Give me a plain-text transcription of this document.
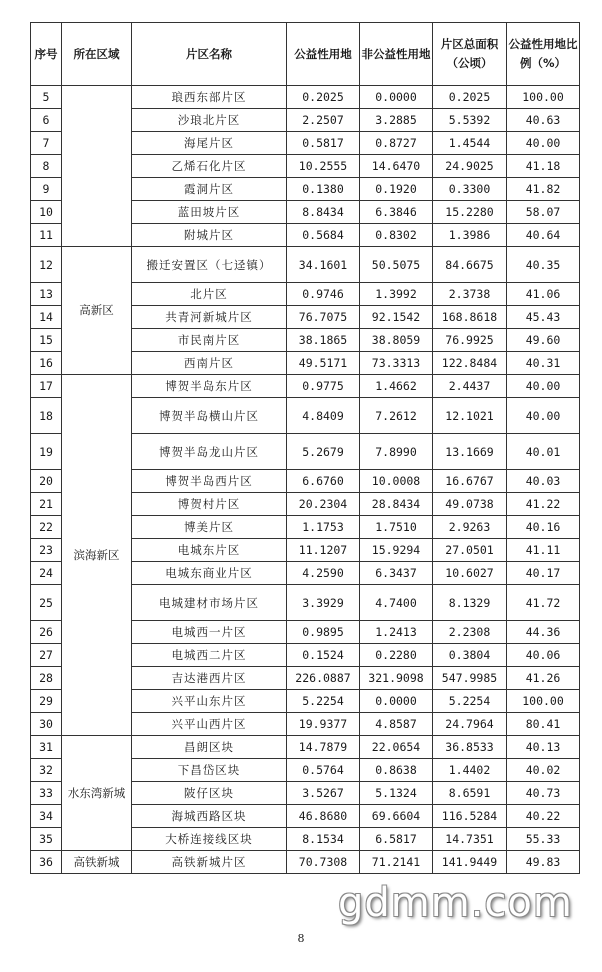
序号	所在区域	片区名称	公益性用地	非公益性用地	片区总面积（公顷）	公益性用地比例（%）
5		琅西东部片区	0.2025	0.0000	0.2025	100.00
6		沙琅北片区	2.2507	3.2885	5.5392	40.63
7		海尾片区	0.5817	0.8727	1.4544	40.00
8		乙烯石化片区	10.2555	14.6470	24.9025	41.18
9		霞洞片区	0.1380	0.1920	0.3300	41.82
10		蓝田坡片区	8.8434	6.3846	15.2280	58.07
11		附城片区	0.5684	0.8302	1.3986	40.64
12	高新区	搬迁安置区（七迳镇）	34.1601	50.5075	84.6675	40.35
13		北片区	0.9746	1.3992	2.3738	41.06
14		共青河新城片区	76.7075	92.1542	168.8618	45.43
15		市民南片区	38.1865	38.8059	76.9925	49.60
16		西南片区	49.5171	73.3313	122.8484	40.31
17	滨海新区	博贺半岛东片区	0.9775	1.4662	2.4437	40.00
18		博贺半岛横山片区	4.8409	7.2612	12.1021	40.00
19		博贺半岛龙山片区	5.2679	7.8990	13.1669	40.01
20		博贺半岛西片区	6.6760	10.0008	16.6767	40.03
21		博贺村片区	20.2304	28.8434	49.0738	41.22
22		博美片区	1.1753	1.7510	2.9263	40.16
23		电城东片区	11.1207	15.9294	27.0501	41.11
24		电城东商业片区	4.2590	6.3437	10.6027	40.17
25		电城建材市场片区	3.3929	4.7400	8.1329	41.72
26		电城西一片区	0.9895	1.2413	2.2308	44.36
27		电城西二片区	0.1524	0.2280	0.3804	40.06
28		吉达港西片区	226.0887	321.9098	547.9985	41.26
29		兴平山东片区	5.2254	0.0000	5.2254	100.00
30		兴平山西片区	19.9377	4.8587	24.7964	80.41
31	水东湾新城	昌朗区块	14.7879	22.0654	36.8533	40.13
32		下昌岱区块	0.5764	0.8638	1.4402	40.02
33		陂仔区块	3.5267	5.1324	8.6591	40.73
34		海城西路区块	46.8680	69.6604	116.5284	40.22
35		大桥连接线区块	8.1534	6.5817	14.7351	55.33
36	高铁新城	高铁新城片区	70.7308	71.2141	141.9449	49.83
gdmm.com
8
